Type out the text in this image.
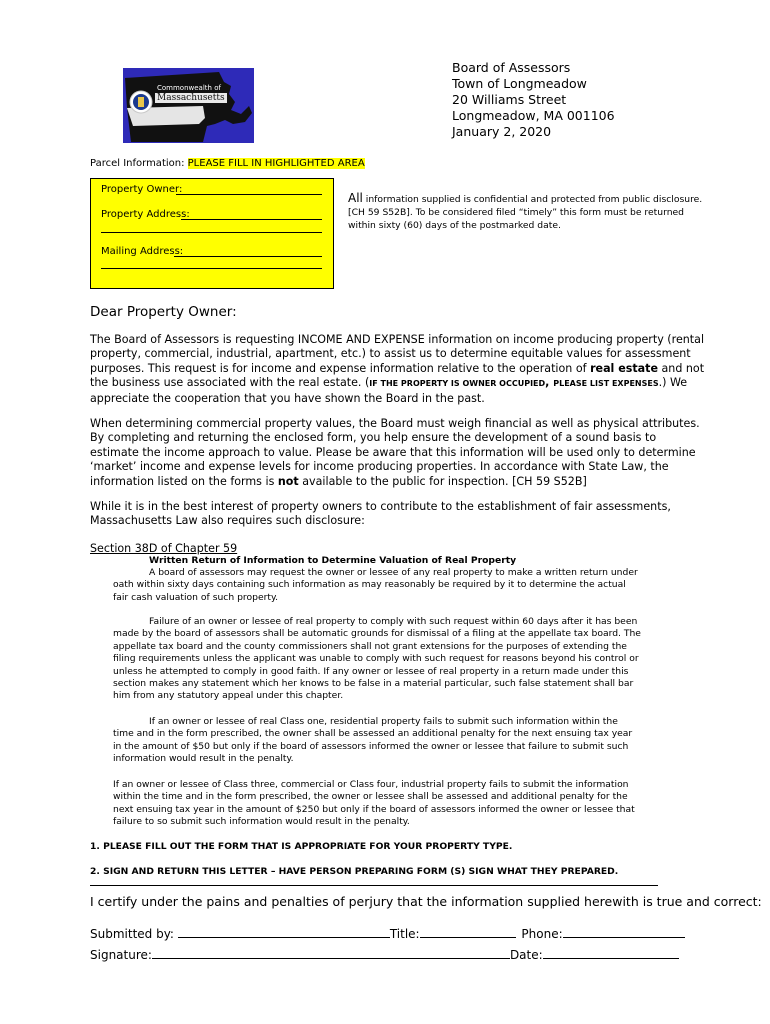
Commonwealth of
Massachusetts
Board of Assessors
Town of Longmeadow
20 Williams Street
Longmeadow, MA 001106
January 2, 2020
Parcel Information: PLEASE FILL IN HIGHLIGHTED AREA
Property Owner:
Property Address:
Mailing Address:
All information supplied is confidential and protected from public disclosure. [CH 59 S52B]. To be considered filed “timely” this form must be returned within sixty (60) days of the postmarked date.
Dear Property Owner:
The Board of Assessors is requesting INCOME AND EXPENSE information on income producing property (rental property, commercial, industrial, apartment, etc.) to assist us to determine equitable values for assessment purposes. This request is for income and expense information relative to the operation of real estate and not the business use associated with the real estate. (IF THE PROPERTY IS OWNER OCCUPIED, PLEASE LIST EXPENSES.) We appreciate the cooperation that you have shown the Board in the past.
When determining commercial property values, the Board must weigh financial as well as physical attributes. By completing and returning the enclosed form, you help ensure the development of a sound basis to estimate the income approach to value. Please be aware that this information will be used only to determine ‘market’ income and expense levels for income producing properties. In accordance with State Law, the information listed on the forms is not available to the public for inspection. [CH 59 S52B]
While it is in the best interest of property owners to contribute to the establishment of fair assessments, Massachusetts Law also requires such disclosure:
Section 38D of Chapter 59
Written Return of Information to Determine Valuation of Real Property
A board of assessors may request the owner or lessee of any real property to make a written return under oath within sixty days containing such information as may reasonably be required by it to determine the actual fair cash valuation of such property.
Failure of an owner or lessee of real property to comply with such request within 60 days after it has been made by the board of assessors shall be automatic grounds for dismissal of a filing at the appellate tax board. The appellate tax board and the county commissioners shall not grant extensions for the purposes of extending the filing requirements unless the applicant was unable to comply with such request for reasons beyond his control or unless he attempted to comply in good faith. If any owner or lessee of real property in a return made under this section makes any statement which her knows to be false in a material particular, such false statement shall bar him from any statutory appeal under this chapter.
If an owner or lessee of real Class one, residential property fails to submit such information within the time and in the form prescribed, the owner shall be assessed an additional penalty for the next ensuing tax year in the amount of $50 but only if the board of assessors informed the owner or lessee that failure to submit such information would result in the penalty.
If an owner or lessee of Class three, commercial or Class four, industrial property fails to submit the information within the time and in the form prescribed, the owner or lessee shall be assessed and additional penalty for the next ensuing tax year in the amount of $250 but only if the board of assessors informed the owner or lessee that failure to so submit such information would result in the penalty.
1. PLEASE FILL OUT THE FORM THAT IS APPROPRIATE FOR YOUR PROPERTY TYPE.
2. SIGN AND RETURN THIS LETTER – HAVE PERSON PREPARING FORM (S) SIGN WHAT THEY PREPARED.
I certify under the pains and penalties of perjury that the information supplied herewith is true and correct:
Submitted by:	Title:	Phone:
Signature:	Date:
